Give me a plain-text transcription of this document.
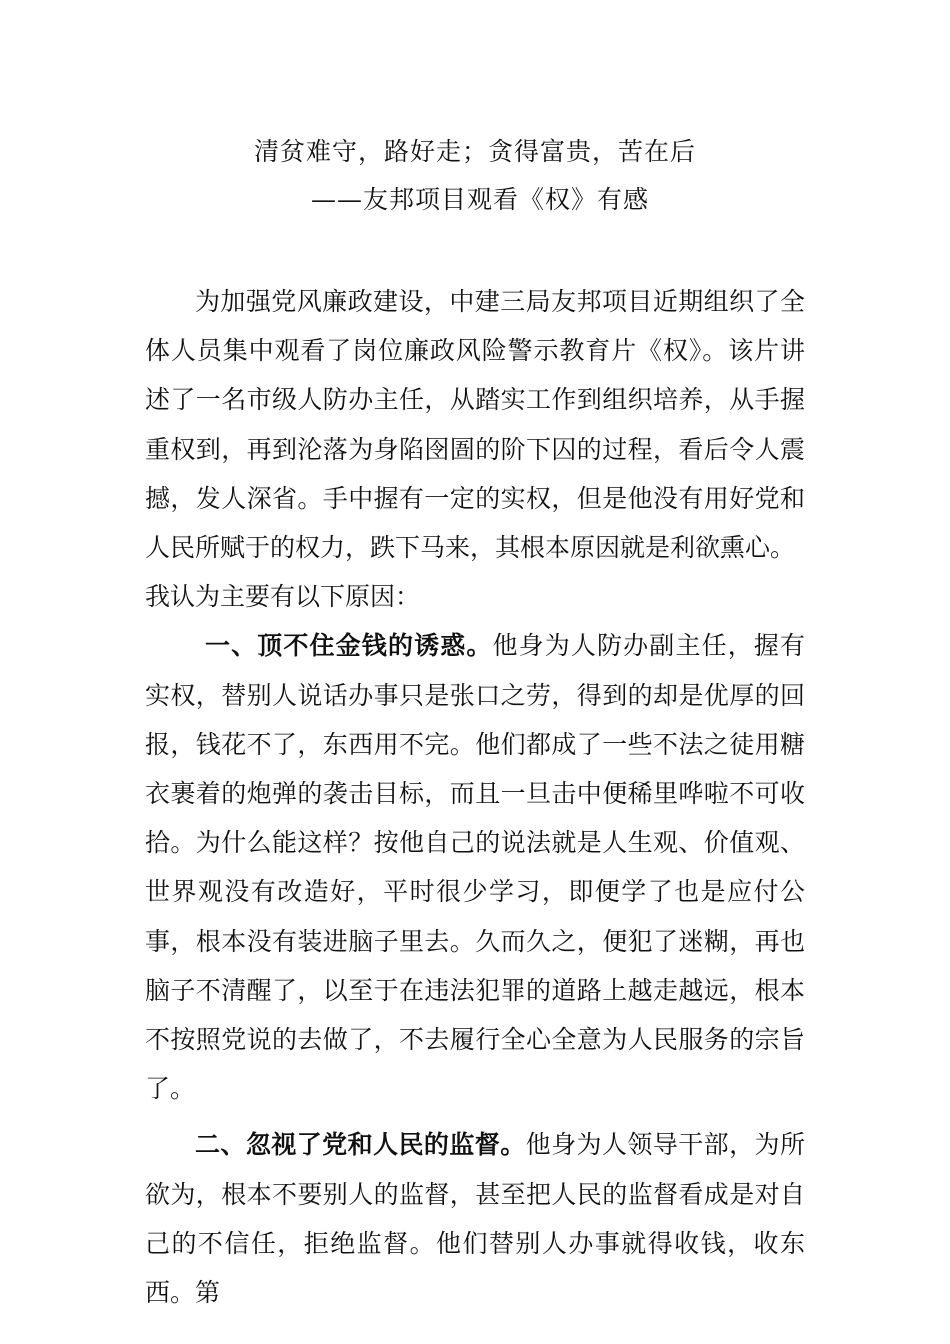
清贫难守，路好走；贪得富贵，苦在后
——友邦项目观看《权》有感

为加强党风廉政建设，中建三局友邦项目近期组织了全体人员集中观看了岗位廉政风险警示教育片《权》。该片讲述了一名市级人防办主任，从踏实工作到组织培养，从手握重权到，再到沦落为身陷囹圄的阶下囚的过程，看后令人震撼，发人深省。手中握有一定的实权，但是他没有用好党和人民所赋于的权力，跌下马来，其根本原因就是利欲熏心。

我认为主要有以下原因：

一、顶不住金钱的诱惑。他身为人防办副主任，握有实权，替别人说话办事只是张口之劳，得到的却是优厚的回报，钱花不了，东西用不完。他们都成了一些不法之徒用糖衣裹着的炮弹的袭击目标，而且一旦击中便稀里哗啦不可收拾。为什么能这样？按他自己的说法就是人生观、价值观、世界观没有改造好，平时很少学习，即便学了也是应付公事，根本没有装进脑子里去。久而久之，便犯了迷糊，再也脑子不清醒了，以至于在违法犯罪的道路上越走越远，根本不按照党说的去做了，不去履行全心全意为人民服务的宗旨了。

二、忽视了党和人民的监督。他身为人领导干部，为所欲为，根本不要别人的监督，甚至把人民的监督看成是对自己的不信任，拒绝监督。他们替别人办事就得收钱，收东西。第
